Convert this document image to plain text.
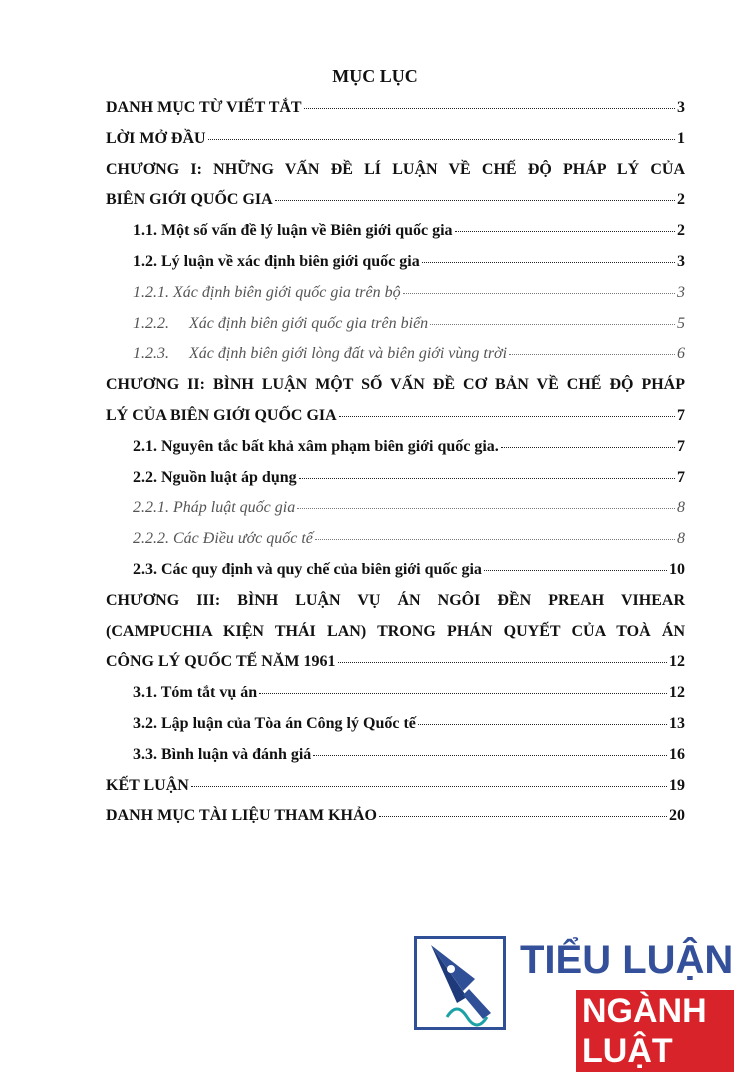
MỤC LỤC
DANH MỤC TỪ VIẾT TẮT	3
LỜI MỞ ĐẦU	1
CHƯƠNG I: NHỮNG VẤN ĐỀ LÍ LUẬN VỀ CHẾ ĐỘ PHÁP LÝ CỦA
BIÊN GIỚI QUỐC GIA	2
1.1. Một số vấn đề lý luận về Biên giới quốc gia	2
1.2. Lý luận về xác định biên giới quốc gia	3
1.2.1. Xác định biên giới quốc gia trên bộ	3
1.2.2. Xác định biên giới quốc gia trên biển	5
1.2.3. Xác định biên giới lòng đất và biên giới vùng trời	6
CHƯƠNG II: BÌNH LUẬN MỘT SỐ VẤN ĐỀ CƠ BẢN VỀ CHẾ ĐỘ PHÁP
LÝ CỦA BIÊN GIỚI QUỐC GIA	7
2.1. Nguyên tắc bất khả xâm phạm biên giới quốc gia.	7
2.2. Nguồn luật áp dụng	7
2.2.1. Pháp luật quốc gia	8
2.2.2. Các Điều ước quốc tế	8
2.3. Các quy định và quy chế của biên giới quốc gia	10
CHƯƠNG III: BÌNH LUẬN VỤ ÁN NGÔI ĐỀN PREAH VIHEAR
(CAMPUCHIA KIỆN THÁI LAN) TRONG PHÁN QUYẾT CỦA TOÀ ÁN
CÔNG LÝ QUỐC TẾ NĂM 1961	12
3.1. Tóm tắt vụ án	12
3.2. Lập luận của Tòa án Công lý Quốc tế	13
3.3. Bình luận và đánh giá	16
KẾT LUẬN	19
DANH MỤC TÀI LIỆU THAM KHẢO	20
TIỂU LUẬN
NGÀNH LUẬT
